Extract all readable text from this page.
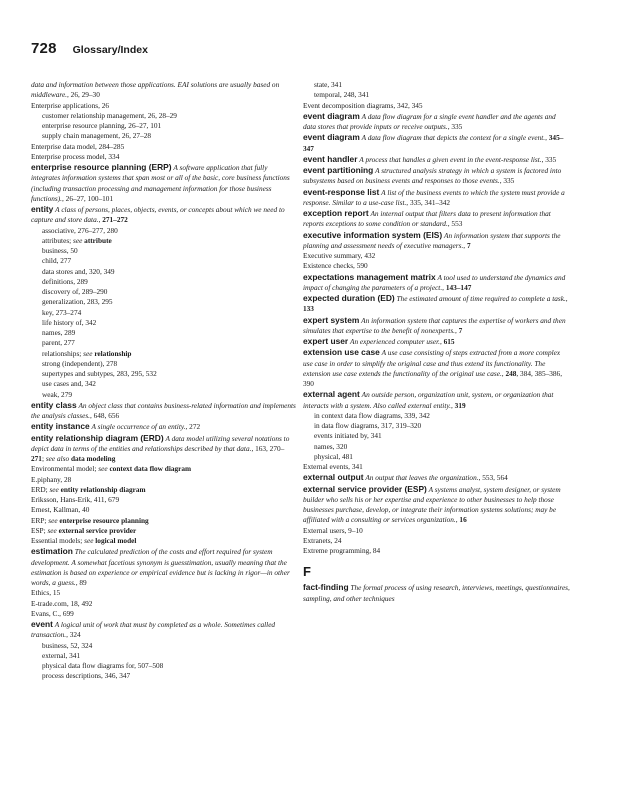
728 Glossary/Index

data and information between those applications. EAI solutions are usually based on middleware., 26, 29–30

Enterprise applications, 26

customer relationship management, 26, 28–29

enterprise resource planning, 26–27, 101

supply chain management, 26, 27–28

Enterprise data model, 284–285

Enterprise process model, 334

enterprise resource planning (ERP) A software application that fully integrates information systems that span most or all of the basic, core business functions (including transaction processing and management information for those business functions)., 26–27, 100–101

entity A class of persons, places, objects, events, or concepts about which we need to capture and store data., 271–272

associative, 276–277, 280

attributes; see attribute

business, 50

child, 277

data stores and, 320, 349

definitions, 289

discovery of, 289–290

generalization, 283, 295

key, 273–274

life history of, 342

names, 289

parent, 277

relationships; see relationship

strong (independent), 278

supertypes and subtypes, 283, 295, 532

use cases and, 342

weak, 279

entity class An object class that contains business-related information and implements the analysis classes., 648, 656

entity instance A single occurrence of an entity., 272

entity relationship diagram (ERD) A data model utilizing several notations to depict data in terms of the entities and relationships described by that data., 163, 270–271; see also data modeling

Environmental model; see context data flow diagram

E.piphany, 28

ERD; see entity relationship diagram

Eriksson, Hans-Erik, 411, 679

Ernest, Kallman, 40

ERP; see enterprise resource planning

ESP; see external service provider

Essential models; see logical model

estimation The calculated prediction of the costs and effort required for system development. A somewhat facetious synonym is guesstimation, usually meaning that the estimation is based on experience or empirical evidence but is lacking in rigor—in other words, a guess., 89

Ethics, 15

E-trade.com, 18, 492

Evans, C., 699

event A logical unit of work that must by completed as a whole. Sometimes called transaction., 324

business, 52, 324

external, 341

physical data flow diagrams for, 507–508

process descriptions, 346, 347

state, 341

temporal, 248, 341

Event decomposition diagrams, 342, 345

event diagram A data flow diagram for a single event handler and the agents and data stores that provide inputs or receive outputs., 335

event diagram A data flow diagram that depicts the context for a single event., 345–347

event handler A process that handles a given event in the event-response list., 335

event partitioning A structured analysis strategy in which a system is factored into subsystems based on business events and responses to those events., 335

event-response list A list of the business events to which the system must provide a response. Similar to a use-case list., 335, 341–342

exception report An internal output that filters data to present information that reports exceptions to some condition or standard., 553

executive information system (EIS) An information system that supports the planning and assessment needs of executive managers., 7

Executive summary, 432

Existence checks, 590

expectations management matrix A tool used to understand the dynamics and impact of changing the parameters of a project., 143–147

expected duration (ED) The estimated amount of time required to complete a task., 133

expert system An information system that captures the expertise of workers and then simulates that expertise to the benefit of nonexperts., 7

expert user An experienced computer user., 615

extension use case A use case consisting of steps extracted from a more complex use case in order to simplify the original case and thus extend its functionality. The extension use case extends the functionality of the original use case., 248, 384, 385–386, 390

external agent An outside person, organization unit, system, or organization that interacts with a system. Also called external entity., 319

in context data flow diagrams, 339, 342

in data flow diagrams, 317, 319–320

events initiated by, 341

names, 320

physical, 481

External events, 341

external output An output that leaves the organization., 553, 564

external service provider (ESP) A systems analyst, system designer, or system builder who sells his or her expertise and experience to other businesses to help those businesses purchase, develop, or integrate their information systems solutions; may be affiliated with a consulting or services organization., 16

External users, 9–10

Extranets, 24

Extreme programming, 84

F

fact-finding The formal process of using research, interviews, meetings, questionnaires, sampling, and other techniques
